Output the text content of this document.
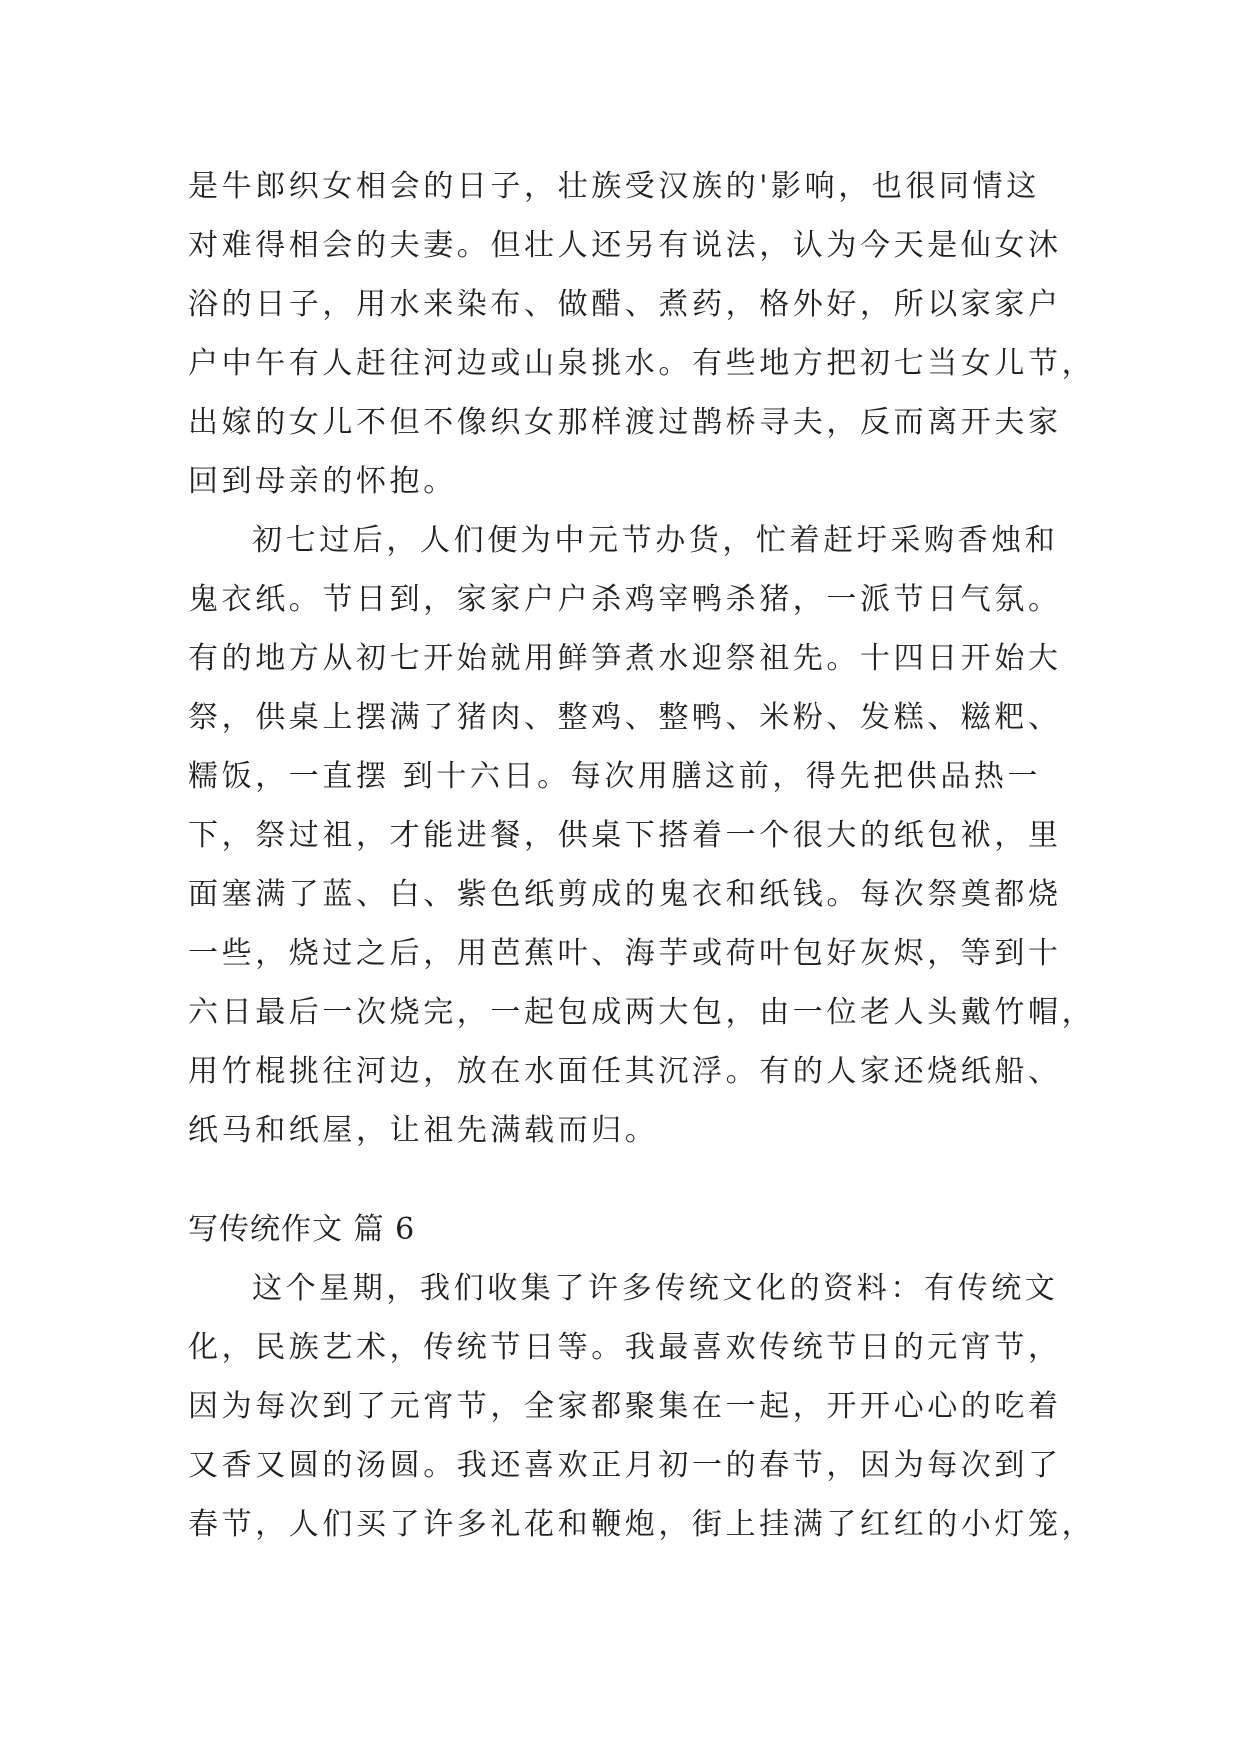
是牛郎织女相会的日子，壮族受汉族的'影响，也很同情这
对难得相会的夫妻。但壮人还另有说法，认为今天是仙女沐
浴的日子，用水来染布、做醋、煮药，格外好，所以家家户
户中午有人赶往河边或山泉挑水。有些地方把初七当女儿节，
出嫁的女儿不但不像织女那样渡过鹊桥寻夫，反而离开夫家
回到母亲的怀抱。
初七过后，人们便为中元节办货，忙着赶圩采购香烛和
鬼衣纸。节日到，家家户户杀鸡宰鸭杀猪，一派节日气氛。
有的地方从初七开始就用鲜笋煮水迎祭祖先。十四日开始大
祭，供桌上摆满了猪肉、整鸡、整鸭、米粉、发糕、糍粑、
糯饭，一直摆 到十六日。每次用膳这前，得先把供品热一
下，祭过祖，才能进餐，供桌下搭着一个很大的纸包袱，里
面塞满了蓝、白、紫色纸剪成的鬼衣和纸钱。每次祭奠都烧
一些，烧过之后，用芭蕉叶、海芋或荷叶包好灰烬，等到十
六日最后一次烧完，一起包成两大包，由一位老人头戴竹帽，
用竹棍挑往河边，放在水面任其沉浮。有的人家还烧纸船、
纸马和纸屋，让祖先满载而归。
写传统作文 篇 6
这个星期，我们收集了许多传统文化的资料：有传统文
化，民族艺术，传统节日等。我最喜欢传统节日的元宵节，
因为每次到了元宵节，全家都聚集在一起，开开心心的吃着
又香又圆的汤圆。我还喜欢正月初一的春节，因为每次到了
春节，人们买了许多礼花和鞭炮，街上挂满了红红的小灯笼，
